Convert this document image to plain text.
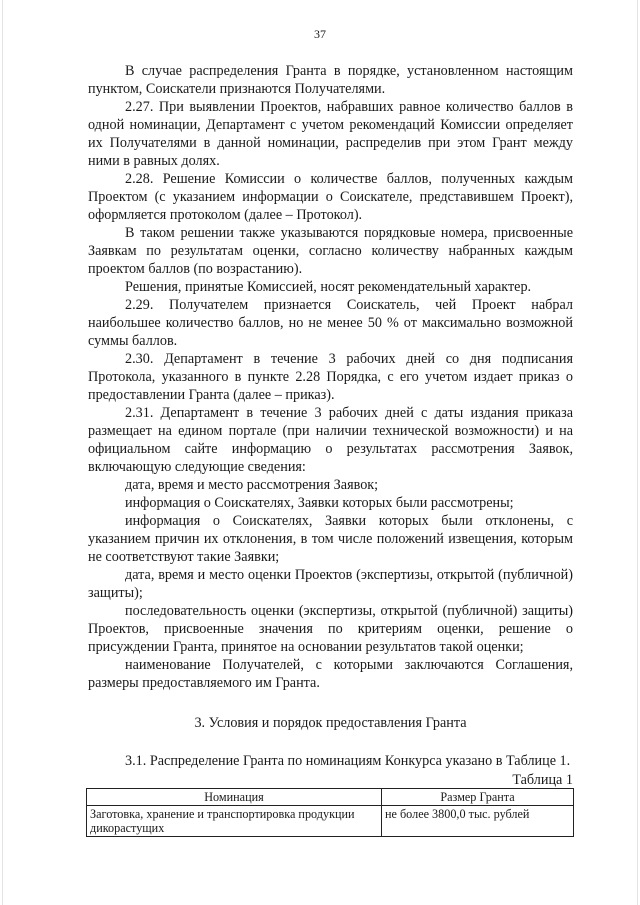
37

В случае распределения Гранта в порядке, установленном настоящим пунктом, Соискатели признаются Получателями.

2.27. При выявлении Проектов, набравших равное количество баллов в одной номинации, Департамент с учетом рекомендаций Комиссии определяет их Получателями в данной номинации, распределив при этом Грант между ними в равных долях.

2.28. Решение Комиссии о количестве баллов, полученных каждым Проектом (с указанием информации о Соискателе, представившем Проект), оформляется протоколом (далее – Протокол).

В таком решении также указываются порядковые номера, присвоенные Заявкам по результатам оценки, согласно количеству набранных каждым проектом баллов (по возрастанию).

Решения, принятые Комиссией, носят рекомендательный характер.

2.29. Получателем признается Соискатель, чей Проект набрал наибольшее количество баллов, но не менее 50 % от максимально возможной суммы баллов.

2.30. Департамент в течение 3 рабочих дней со дня подписания Протокола, указанного в пункте 2.28 Порядка, с его учетом издает приказ о предоставлении Гранта (далее – приказ).

2.31. Департамент в течение 3 рабочих дней с даты издания приказа размещает на едином портале (при наличии технической возможности) и на официальном сайте информацию о результатах рассмотрения Заявок, включающую следующие сведения:

дата, время и место рассмотрения Заявок;

информация о Соискателях, Заявки которых были рассмотрены;

информация о Соискателях, Заявки которых были отклонены, с указанием причин их отклонения, в том числе положений извещения, которым не соответствуют такие Заявки;

дата, время и место оценки Проектов (экспертизы, открытой (публичной) защиты);

последовательность оценки (экспертизы, открытой (публичной) защиты) Проектов, присвоенные значения по критериям оценки, решение о присуждении Гранта, принятое на основании результатов такой оценки;

наименование Получателей, с которыми заключаются Соглашения, размеры предоставляемого им Гранта.

3. Условия и порядок предоставления Гранта

3.1. Распределение Гранта по номинациям Конкурса указано в Таблице 1.

Таблица 1
Номинация	Размер Гранта
Заготовка, хранение и транспортировка продукции дикорастущих	не более 3800,0 тыс. рублей
